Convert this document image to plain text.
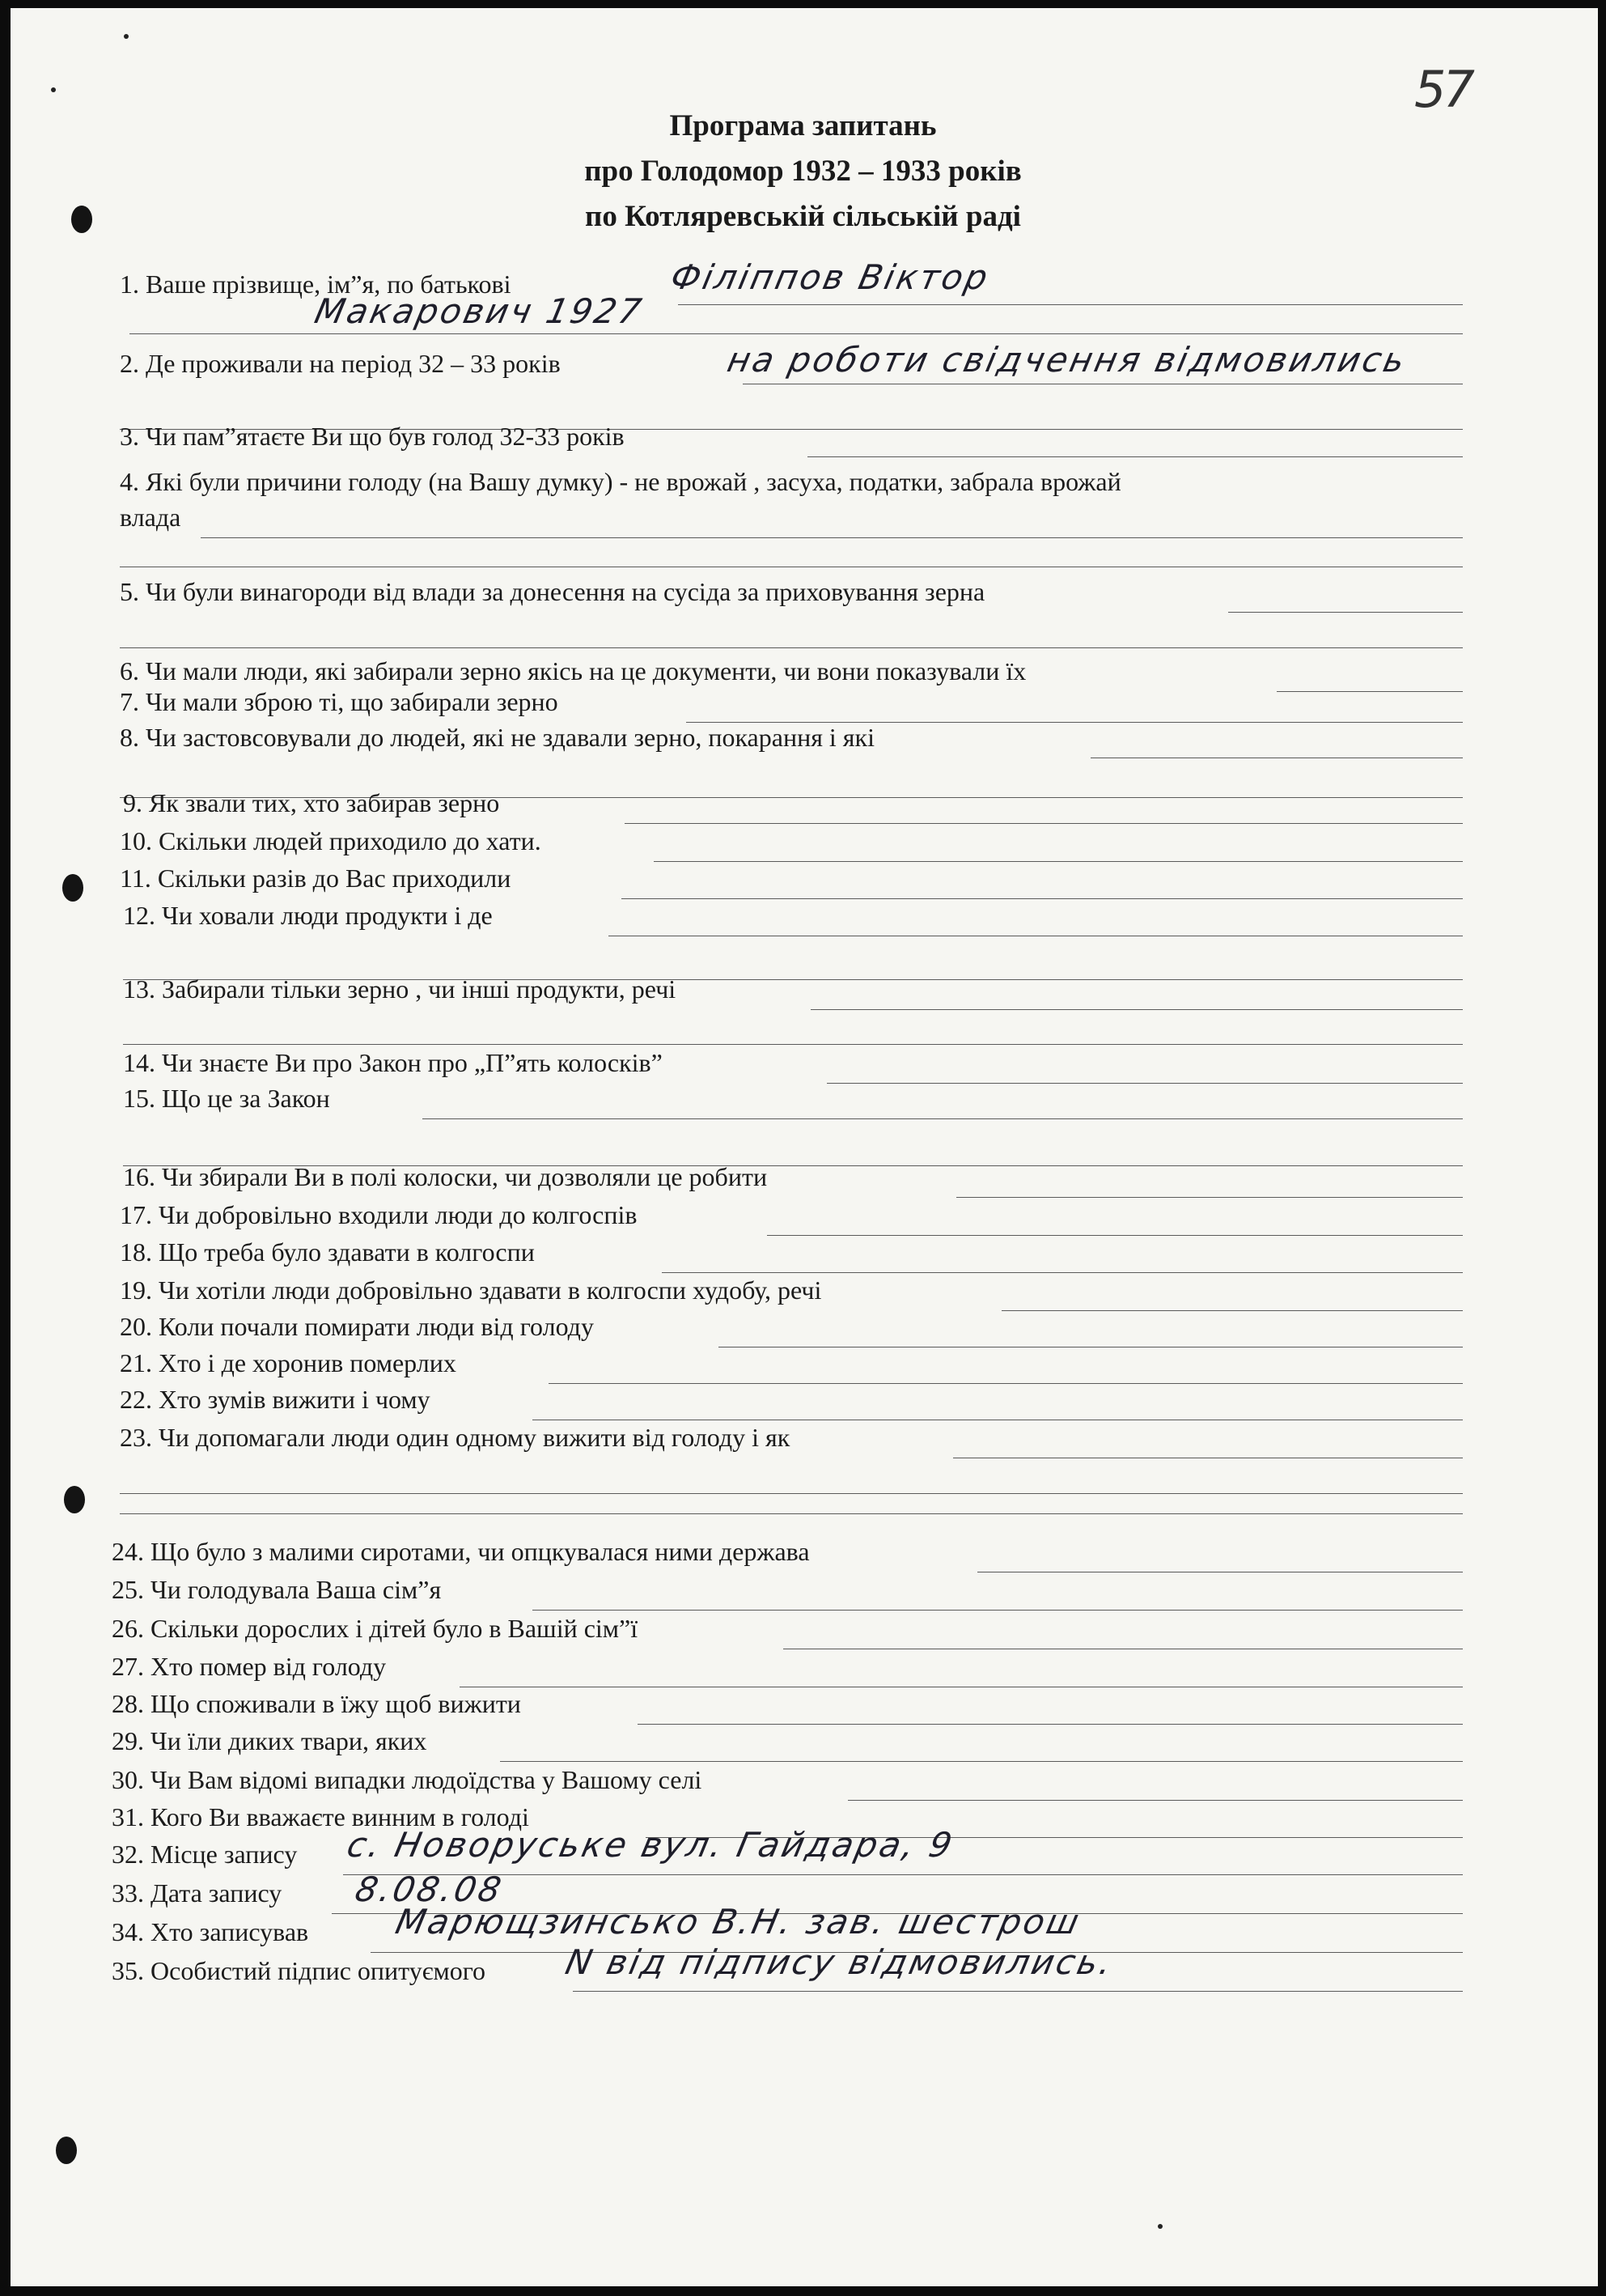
57
Програма запитань
про Голодомор 1932 – 1933 років
по Котляревській сільській раді
1. Ваше прізвище, ім”я, по батькові	Філіппов Віктор
Макарович 1927
2. Де проживали на період 32 – 33 років	на роботи свідчення відмовились
3. Чи пам”ятаєте Ви що був голод 32-33 років
4. Які були причини голоду (на Вашу думку) - не врожай , засуха, податки, забрала врожай
влада
5. Чи були винагороди від влади за донесення на сусіда за приховування зерна
6. Чи мали люди, які забирали зерно якісь на це документи, чи вони показували їх
7. Чи мали зброю ті, що забирали зерно
8. Чи застовсовували до людей, які не здавали зерно, покарання і які
9. Як звали тих, хто забирав зерно
10. Скільки людей приходило до хати.
11. Скільки разів до Вас приходили
12. Чи ховали люди продукти і де
13. Забирали тільки зерно , чи інші продукти, речі
14. Чи знаєте Ви про Закон про „П”ять колосків”
15. Що це за Закон
16. Чи збирали Ви в полі колоски, чи дозволяли це робити
17. Чи добровільно входили люди до колгоспів
18. Що треба було здавати в колгоспи
19. Чи хотіли люди добровільно здавати в колгоспи худобу, речі
20. Коли почали помирати люди від голоду
21. Хто і де хоронив померлих
22. Хто зумів вижити і чому
23. Чи допомагали люди один одному вижити від голоду і як
24. Що було з малими сиротами, чи опцкувалася ними держава
25. Чи голодувала Ваша сім”я
26. Скільки дорослих і дітей було в Вашій сім”ї
27. Хто помер від голоду
28. Що споживали в їжу щоб вижити
29. Чи їли диких твари, яких
30. Чи Вам відомі випадки людоїдства у Вашому селі
31. Кого Ви вважаєте винним в голоді
32. Місце запису с. Новоруське вул. Гайдара, 9
33. Дата запису 8.08.08
34. Хто записував Марющзинсько В.Н. зав. шестрош
35. Особистий підпис опитуємого N від підпису відмовились.
